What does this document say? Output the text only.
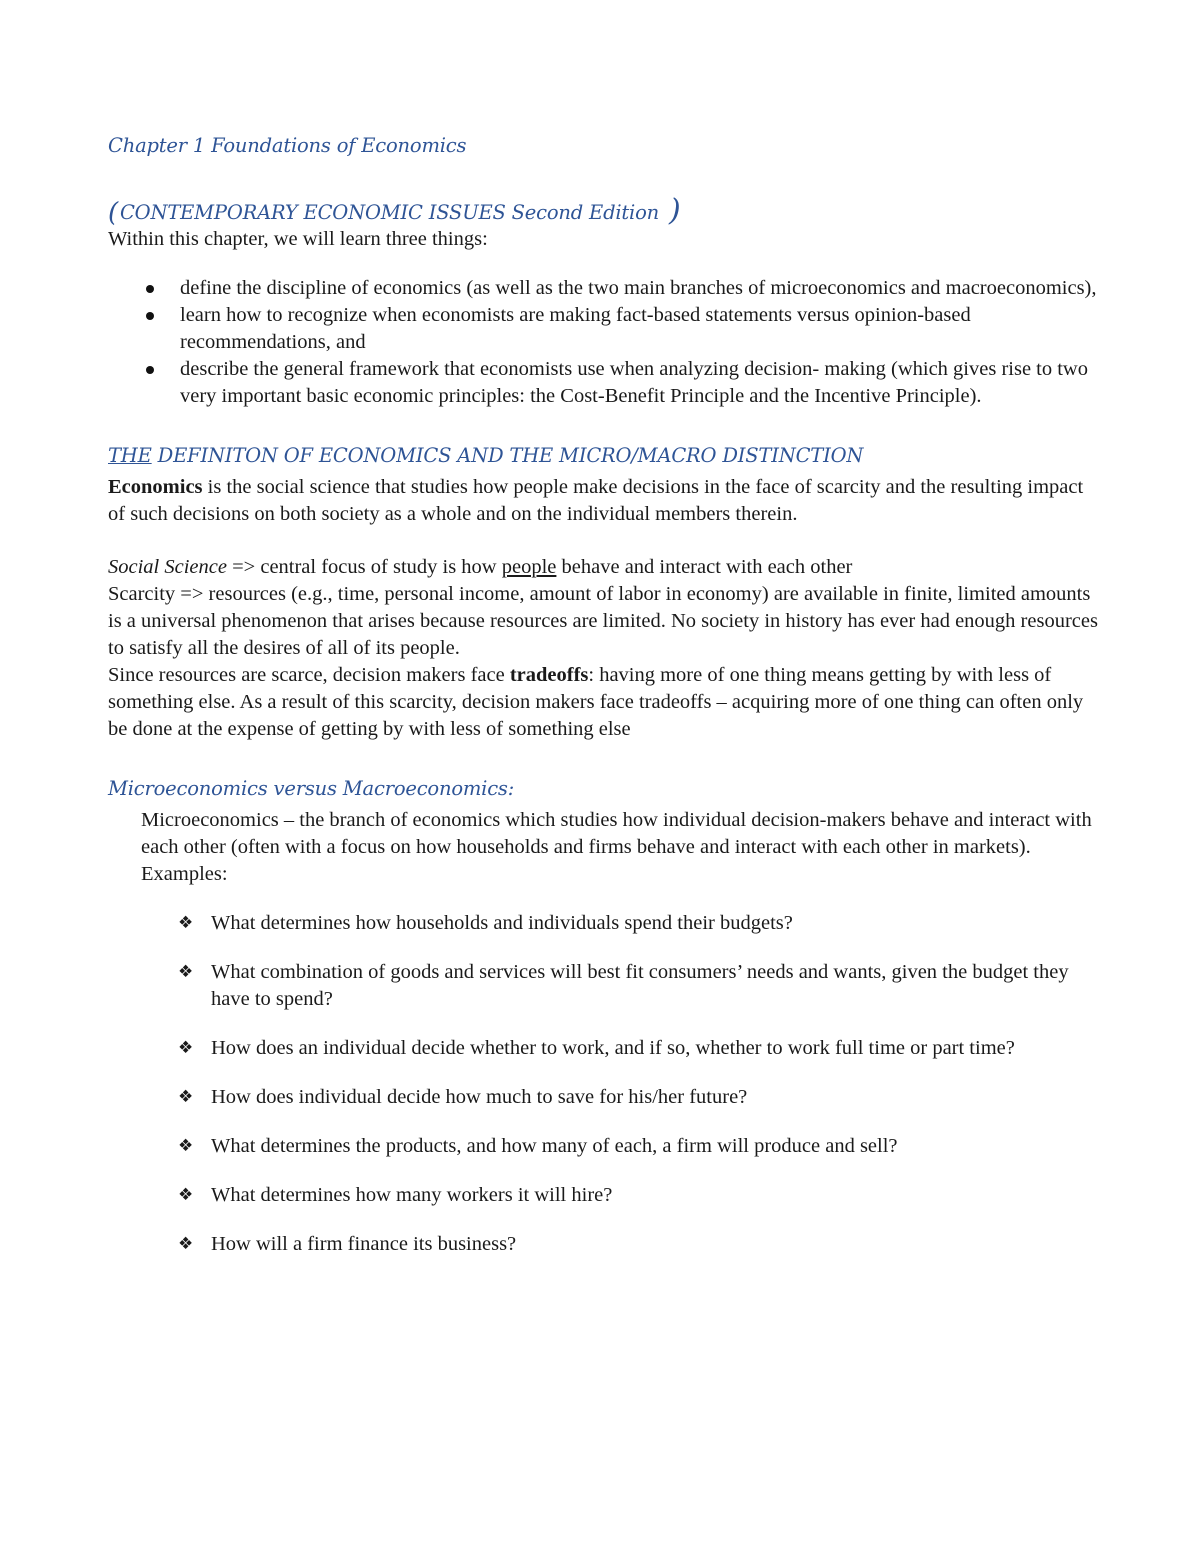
Chapter 1 Foundations of Economics
( CONTEMPORARY ECONOMIC ISSUES Second Edition )

Within this chapter, we will learn three things:

define the discipline of economics (as well as the two main branches of microeconomics and macroeconomics),
learn how to recognize when economists are making fact-based statements versus opinion-based recommendations, and
describe the general framework that economists use when analyzing decision- making (which gives rise to two very important basic economic principles: the Cost-Benefit Principle and the Incentive Principle).
THE DEFINITON OF ECONOMICS AND THE MICRO/MACRO DISTINCTION

Economics is the social science that studies how people make decisions in the face of scarcity and the resulting impact of such decisions on both society as a whole and on the individual members therein.

Social Science => central focus of study is how people behave and interact with each other

Scarcity => resources (e.g., time, personal income, amount of labor in economy) are available in finite, limited amounts is a universal phenomenon that arises because resources are limited. No society in history has ever had enough resources to satisfy all the desires of all of its people.

Since resources are scarce, decision makers face tradeoffs: having more of one thing means getting by with less of something else. As a result of this scarcity, decision makers face tradeoffs – acquiring more of one thing can often only be done at the expense of getting by with less of something else

Microeconomics versus Macroeconomics:

Microeconomics – the branch of economics which studies how individual decision-makers behave and interact with each other (often with a focus on how households and firms behave and interact with each other in markets).

Examples:

❖ What determines how households and individuals spend their budgets?
❖ What combination of goods and services will best fit consumers’ needs and wants, given the budget they have to spend?
❖ How does an individual decide whether to work, and if so, whether to work full time or part time?
❖ How does individual decide how much to save for his/her future?
❖ What determines the products, and how many of each, a firm will produce and sell?
❖ What determines how many workers it will hire?
❖ How will a firm finance its business?
